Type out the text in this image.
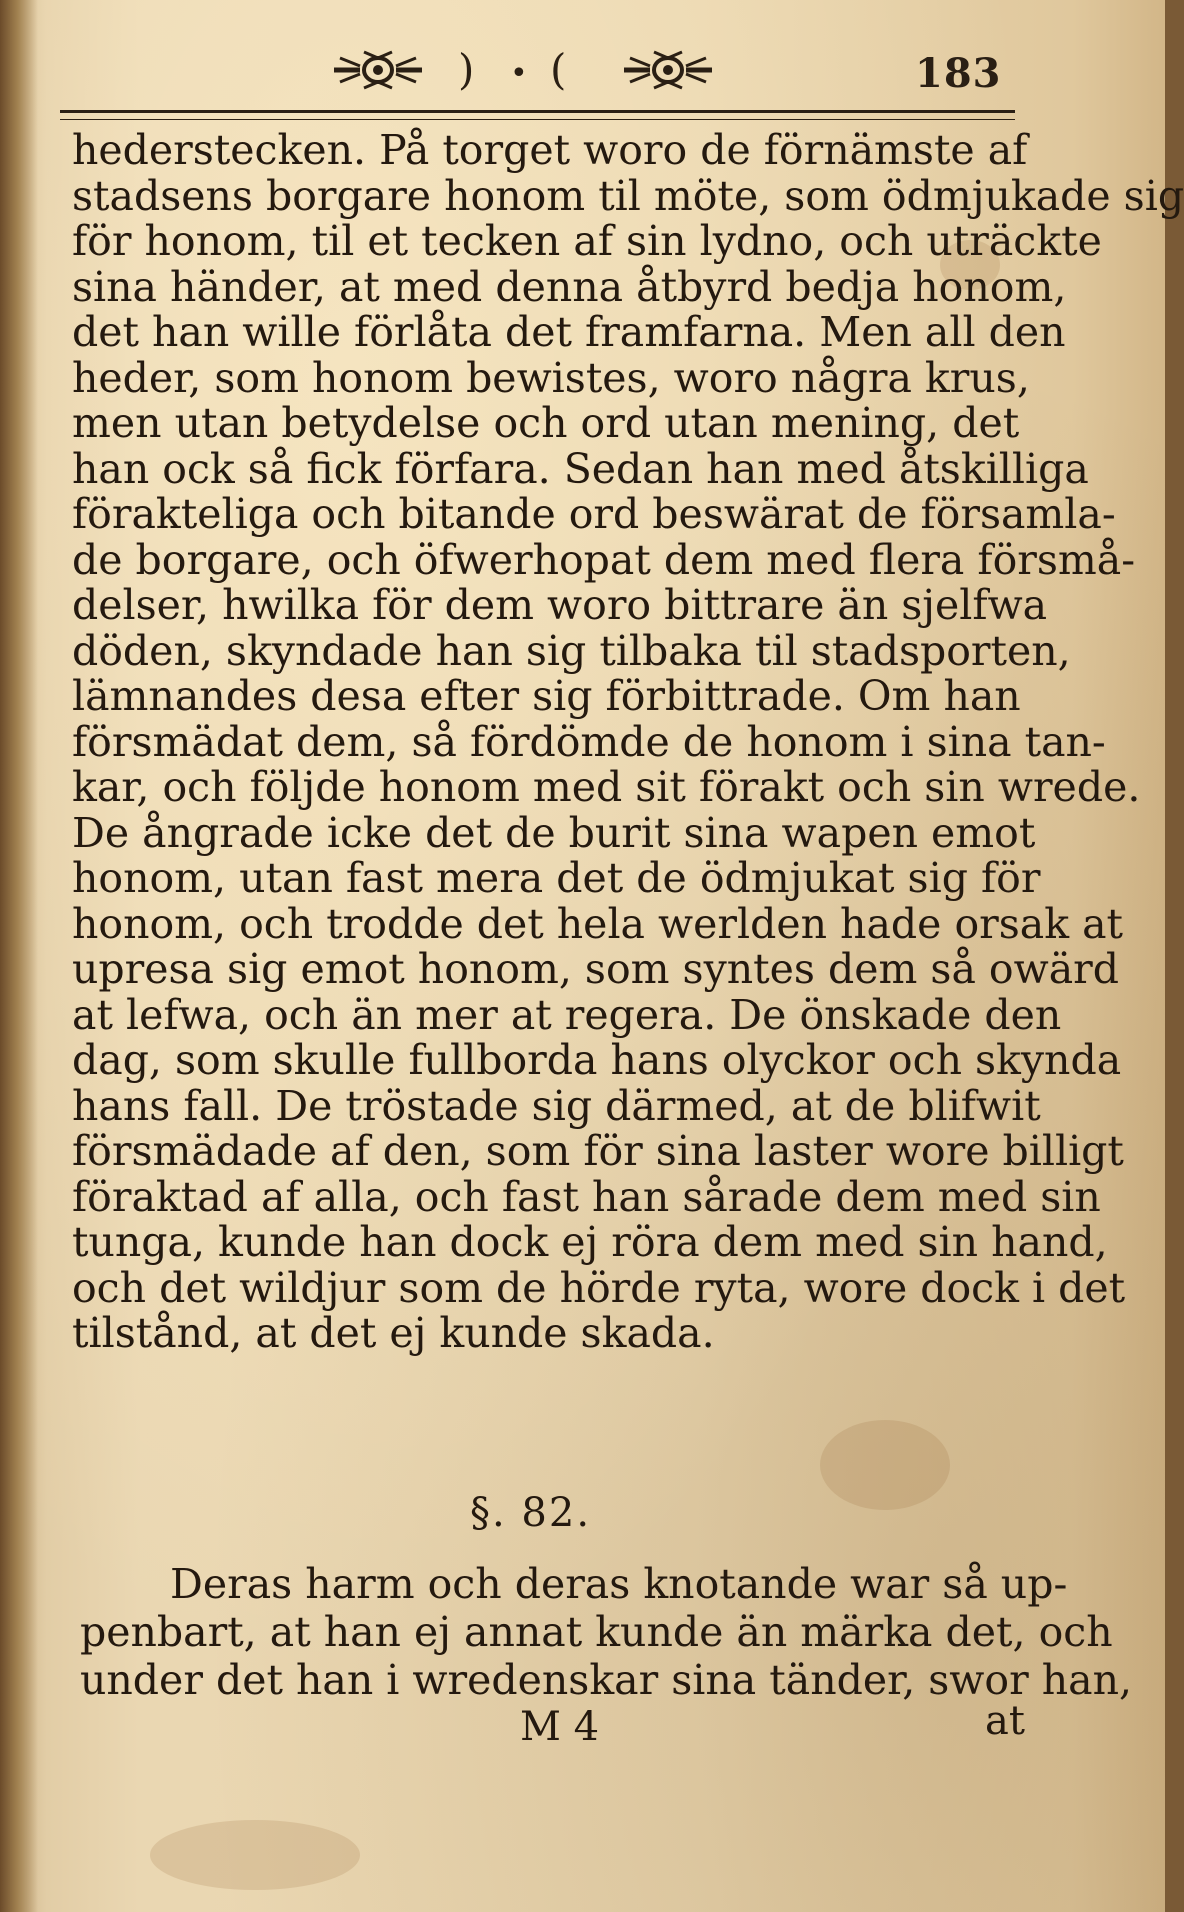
) • (	183
hederstecken. På torget woro de förnämste af
stadsens borgare honom til möte, som ödmjukade sig
för honom, til et tecken af sin lydno, och uträckte
sina händer, at med denna åtbyrd bedja honom,
det han wille förlåta det framfarna. Men all den
heder, som honom bewistes, woro några krus,
men utan betydelse och ord utan mening, det
han ock så fick förfara. Sedan han med åtskilliga
förakteliga och bitande ord beswärat de församla-
de borgare, och öfwerhopat dem med flera försmå-
delser, hwilka för dem woro bittrare än sjelfwa
döden, skyndade han sig tilbaka til stadsporten,
lämnandes desa efter sig förbittrade. Om han
försmädat dem, så fördömde de honom i sina tan-
kar, och följde honom med sit förakt och sin wrede.
De ångrade icke det de burit sina wapen emot
honom, utan fast mera det de ödmjukat sig för
honom, och trodde det hela werlden hade orsak at
upresa sig emot honom, som syntes dem så owärd
at lefwa, och än mer at regera. De önskade den
dag, som skulle fullborda hans olyckor och skynda
hans fall. De tröstade sig därmed, at de blifwit
försmädade af den, som för sina laster wore billigt
föraktad af alla, och fast han sårade dem med sin
tunga, kunde han dock ej röra dem med sin hand,
och det wildjur som de hörde ryta, wore dock i det
tilstånd, at det ej kunde skada.
§. 82.
Deras harm och deras knotande war så up-
penbart, at han ej annat kunde än märka det, och
under det han i wredenskar sina tänder, swor han,
M 4	at
